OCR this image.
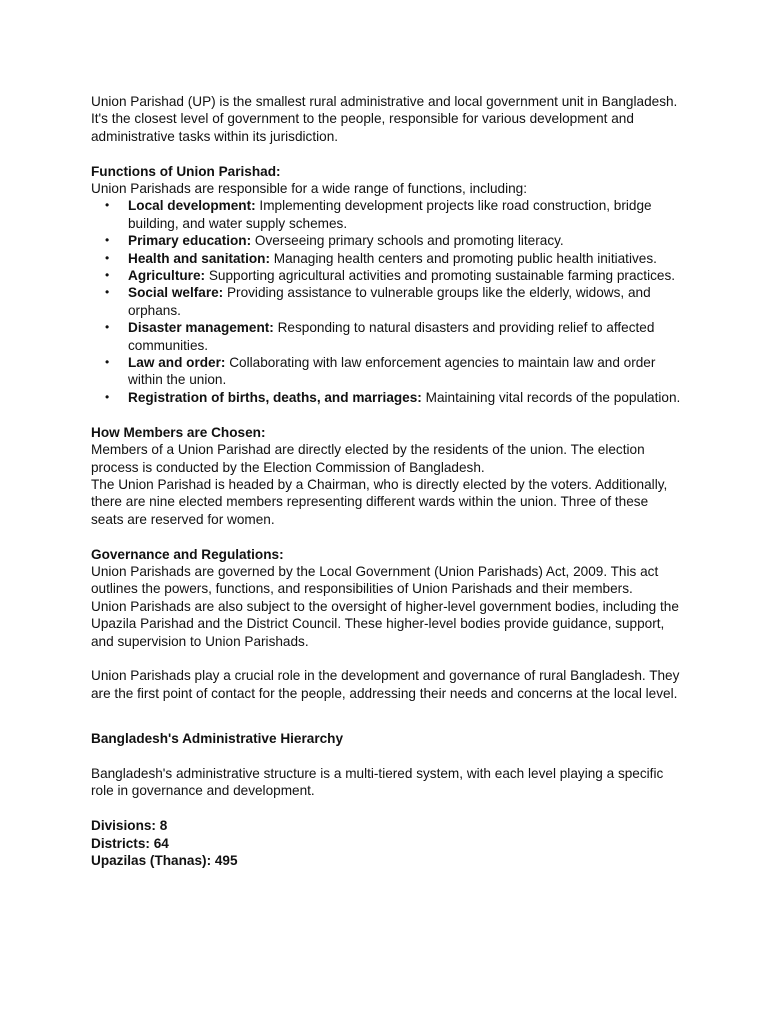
Union Parishad (UP) is the smallest rural administrative and local government unit in Bangladesh. It's the closest level of government to the people, responsible for various development and administrative tasks within its jurisdiction.

Functions of Union Parishad:

Union Parishads are responsible for a wide range of functions, including:

• Local development: Implementing development projects like road construction, bridge building, and water supply schemes.
• Primary education: Overseeing primary schools and promoting literacy.
• Health and sanitation: Managing health centers and promoting public health initiatives.
• Agriculture: Supporting agricultural activities and promoting sustainable farming practices.
• Social welfare: Providing assistance to vulnerable groups like the elderly, widows, and orphans.
• Disaster management: Responding to natural disasters and providing relief to affected communities.
• Law and order: Collaborating with law enforcement agencies to maintain law and order within the union.
• Registration of births, deaths, and marriages: Maintaining vital records of the population.

How Members are Chosen:

Members of a Union Parishad are directly elected by the residents of the union. The election process is conducted by the Election Commission of Bangladesh.

The Union Parishad is headed by a Chairman, who is directly elected by the voters. Additionally, there are nine elected members representing different wards within the union. Three of these seats are reserved for women.

Governance and Regulations:

Union Parishads are governed by the Local Government (Union Parishads) Act, 2009. This act outlines the powers, functions, and responsibilities of Union Parishads and their members.

Union Parishads are also subject to the oversight of higher-level government bodies, including the Upazila Parishad and the District Council. These higher-level bodies provide guidance, support, and supervision to Union Parishads.

Union Parishads play a crucial role in the development and governance of rural Bangladesh. They are the first point of contact for the people, addressing their needs and concerns at the local level.

Bangladesh's Administrative Hierarchy

Bangladesh's administrative structure is a multi-tiered system, with each level playing a specific role in governance and development.

Divisions: 8

Districts: 64

Upazilas (Thanas): 495
